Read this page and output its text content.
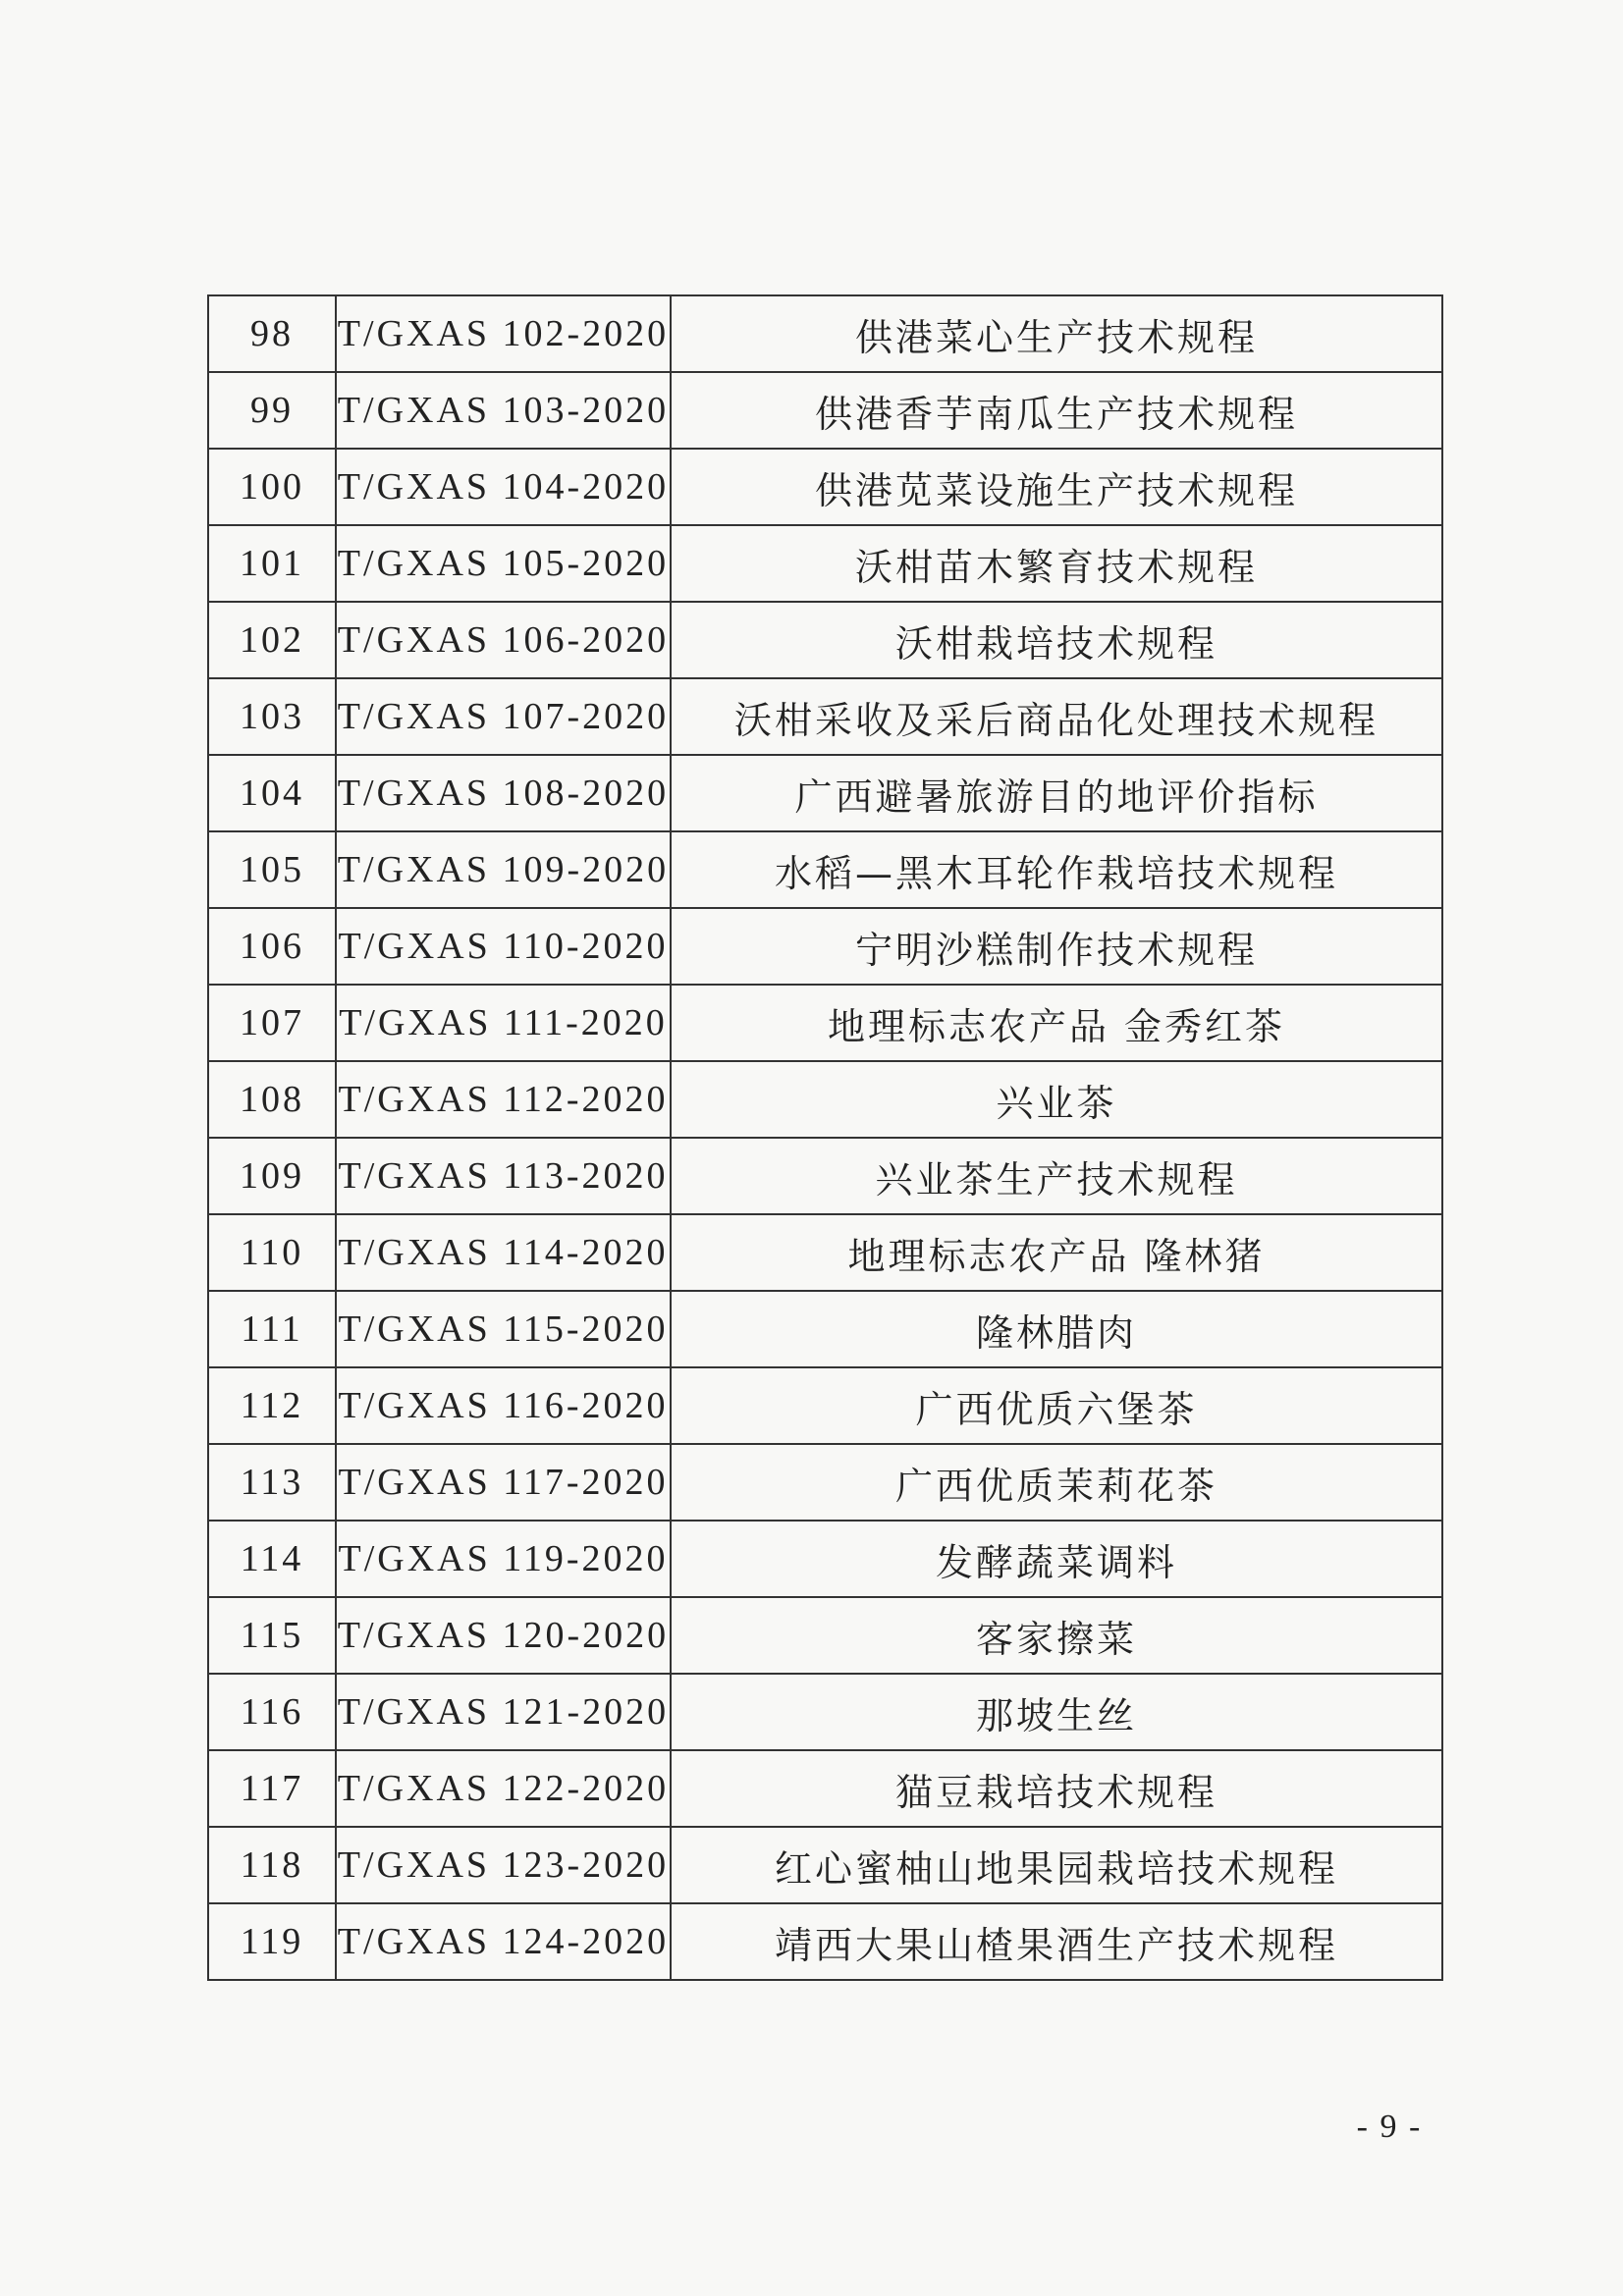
98	T/GXAS 102-2020	供港菜心生产技术规程
99	T/GXAS 103-2020	供港香芋南瓜生产技术规程
100	T/GXAS 104-2020	供港苋菜设施生产技术规程
101	T/GXAS 105-2020	沃柑苗木繁育技术规程
102	T/GXAS 106-2020	沃柑栽培技术规程
103	T/GXAS 107-2020	沃柑采收及采后商品化处理技术规程
104	T/GXAS 108-2020	广西避暑旅游目的地评价指标
105	T/GXAS 109-2020	水稻—黑木耳轮作栽培技术规程
106	T/GXAS 110-2020	宁明沙糕制作技术规程
107	T/GXAS 111-2020	地理标志农产品 金秀红茶
108	T/GXAS 112-2020	兴业茶
109	T/GXAS 113-2020	兴业茶生产技术规程
110	T/GXAS 114-2020	地理标志农产品 隆林猪
111	T/GXAS 115-2020	隆林腊肉
112	T/GXAS 116-2020	广西优质六堡茶
113	T/GXAS 117-2020	广西优质茉莉花茶
114	T/GXAS 119-2020	发酵蔬菜调料
115	T/GXAS 120-2020	客家擦菜
116	T/GXAS 121-2020	那坡生丝
117	T/GXAS 122-2020	猫豆栽培技术规程
118	T/GXAS 123-2020	红心蜜柚山地果园栽培技术规程
119	T/GXAS 124-2020	靖西大果山楂果酒生产技术规程
- 9 -
